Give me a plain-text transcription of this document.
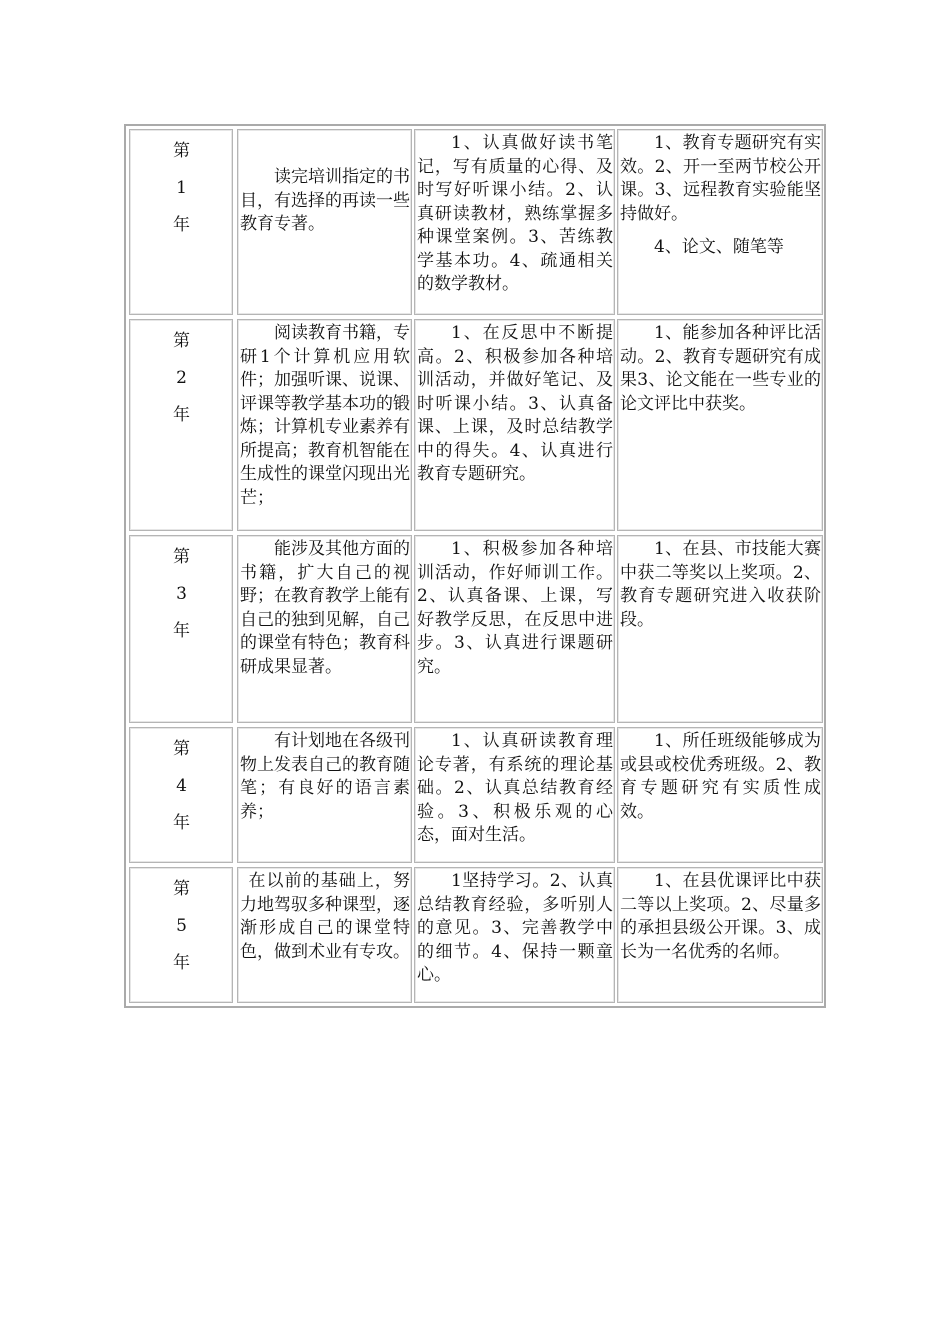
第
1
年

读完培训指定的书目，有选择的再读一些教育专著。

1、认真做好读书笔记，写有质量的心得、及时写好听课小结。2、认真研读教材，熟练掌握多种课堂案例。3、苦练教学基本功。4、疏通相关的数学教材。

1、教育专题研究有实效。2、开一至两节校公开课。3、远程教育实验能坚持做好。

4、论文、随笔等

第
2
年

阅读教育书籍，专研1个计算机应用软件；加强听课、说课、评课等教学基本功的锻炼；计算机专业素养有所提高；教育机智能在生成性的课堂闪现出光芒；

1、在反思中不断提高。2、积极参加各种培训活动，并做好笔记、及时听课小结。3、认真备课、上课，及时总结教学中的得失。4、认真进行教育专题研究。

1、能参加各种评比活动。2、教育专题研究有成果3、论文能在一些专业的论文评比中获奖。

第
3
年

能涉及其他方面的书籍，扩大自己的视野；在教育教学上能有自己的独到见解，自己的课堂有特色；教育科研成果显著。

1、积极参加各种培训活动，作好师训工作。2、认真备课、上课，写好教学反思，在反思中进步。3、认真进行课题研究。

1、在县、市技能大赛中获二等奖以上奖项。2、教育专题研究进入收获阶段。

第
4
年

有计划地在各级刊物上发表自己的教育随笔；有良好的语言素养；

1、认真研读教育理论专著，有系统的理论基础。2、认真总结教育经验。3、积极乐观的心态，面对生活。

1、所任班级能够成为或县或校优秀班级。2、教育专题研究有实质性成效。

第
5
年

在以前的基础上，努力地驾驭多种课型，逐渐形成自己的课堂特色，做到术业有专攻。

1坚持学习。2、认真总结教育经验，多听别人的意见。3、完善教学中的细节。4、保持一颗童心。

1、在县优课评比中获二等以上奖项。2、尽量多的承担县级公开课。3、成长为一名优秀的名师。
